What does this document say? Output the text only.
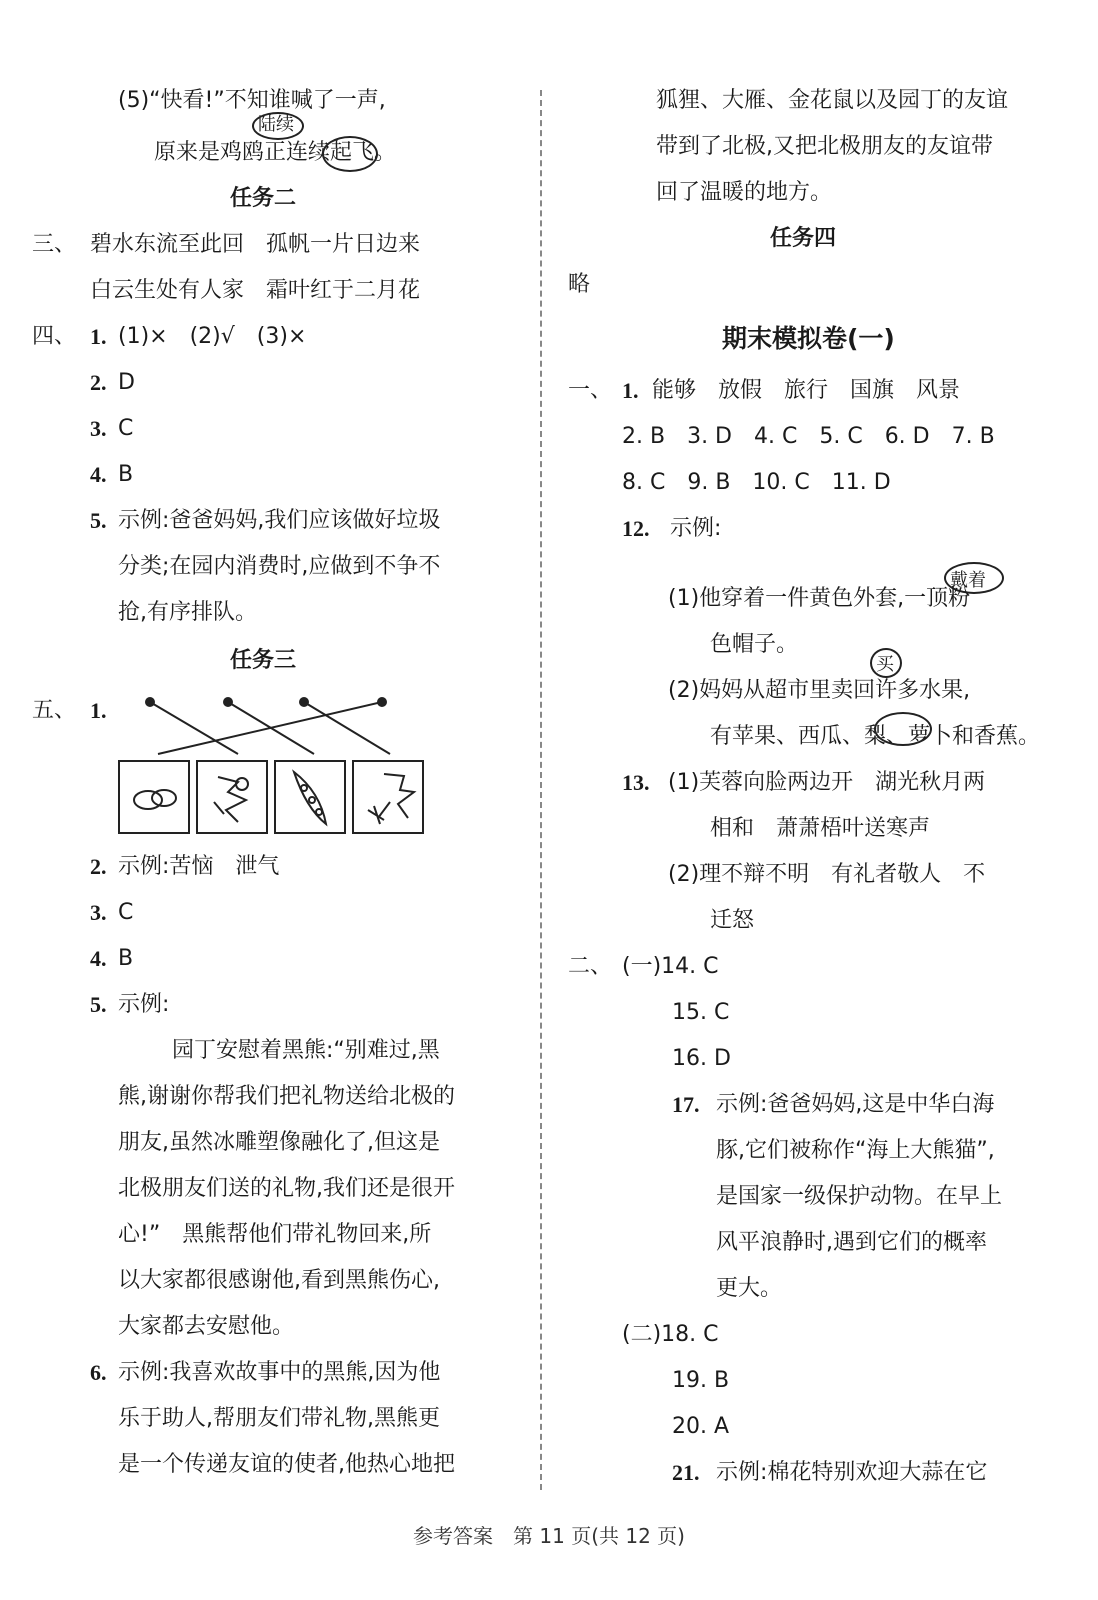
(5)“快看!”不知谁喊了一声,
陆续
原来是鸡鸥正连续起飞。
任务二
三、 碧水东流至此回　孤帆一片日边来
白云生处有人家　霜叶红于二月花
四、 1. (1)×　(2)√　(3)×
2. D
3. C
4. B
5. 示例:爸爸妈妈,我们应该做好垃圾
分类;在园内消费时,应做到不争不
抢,有序排队。
任务三
五、 1.
2. 示例:苦恼　泄气
3. C
4. B
5. 示例:
园丁安慰着黑熊:“别难过,黑
熊,谢谢你帮我们把礼物送给北极的
朋友,虽然冰雕塑像融化了,但这是
北极朋友们送的礼物,我们还是很开
心!”　黑熊帮他们带礼物回来,所
以大家都很感谢他,看到黑熊伤心,
大家都去安慰他。
6. 示例:我喜欢故事中的黑熊,因为他
乐于助人,帮朋友们带礼物,黑熊更
是一个传递友谊的使者,他热心地把
狐狸、大雁、金花鼠以及园丁的友谊
带到了北极,又把北极朋友的友谊带
回了温暖的地方。
任务四
略
期末模拟卷(一)
一、 1. 能够　放假　旅行　国旗　风景
2. B　3. D　4. C　5. C　6. D　7. B
8. C　9. B　10. C　11. D
12. 示例:
戴着
(1)他穿着一件黄色外套,一顶粉
色帽子。
买
(2)妈妈从超市里卖回许多水果,
有苹果、西瓜、梨、萝卜和香蕉。
13. (1)芙蓉向脸两边开　湖光秋月两
相和　萧萧梧叶送寒声
(2)理不辩不明　有礼者敬人　不
迁怒
二、 (一)14. C
15. C
16. D
17. 示例:爸爸妈妈,这是中华白海
豚,它们被称作“海上大熊猫”,
是国家一级保护动物。在早上
风平浪静时,遇到它们的概率
更大。
(二)18. C
19. B
20. A
21. 示例:棉花特别欢迎大蒜在它
参考答案　第 11 页(共 12 页)
